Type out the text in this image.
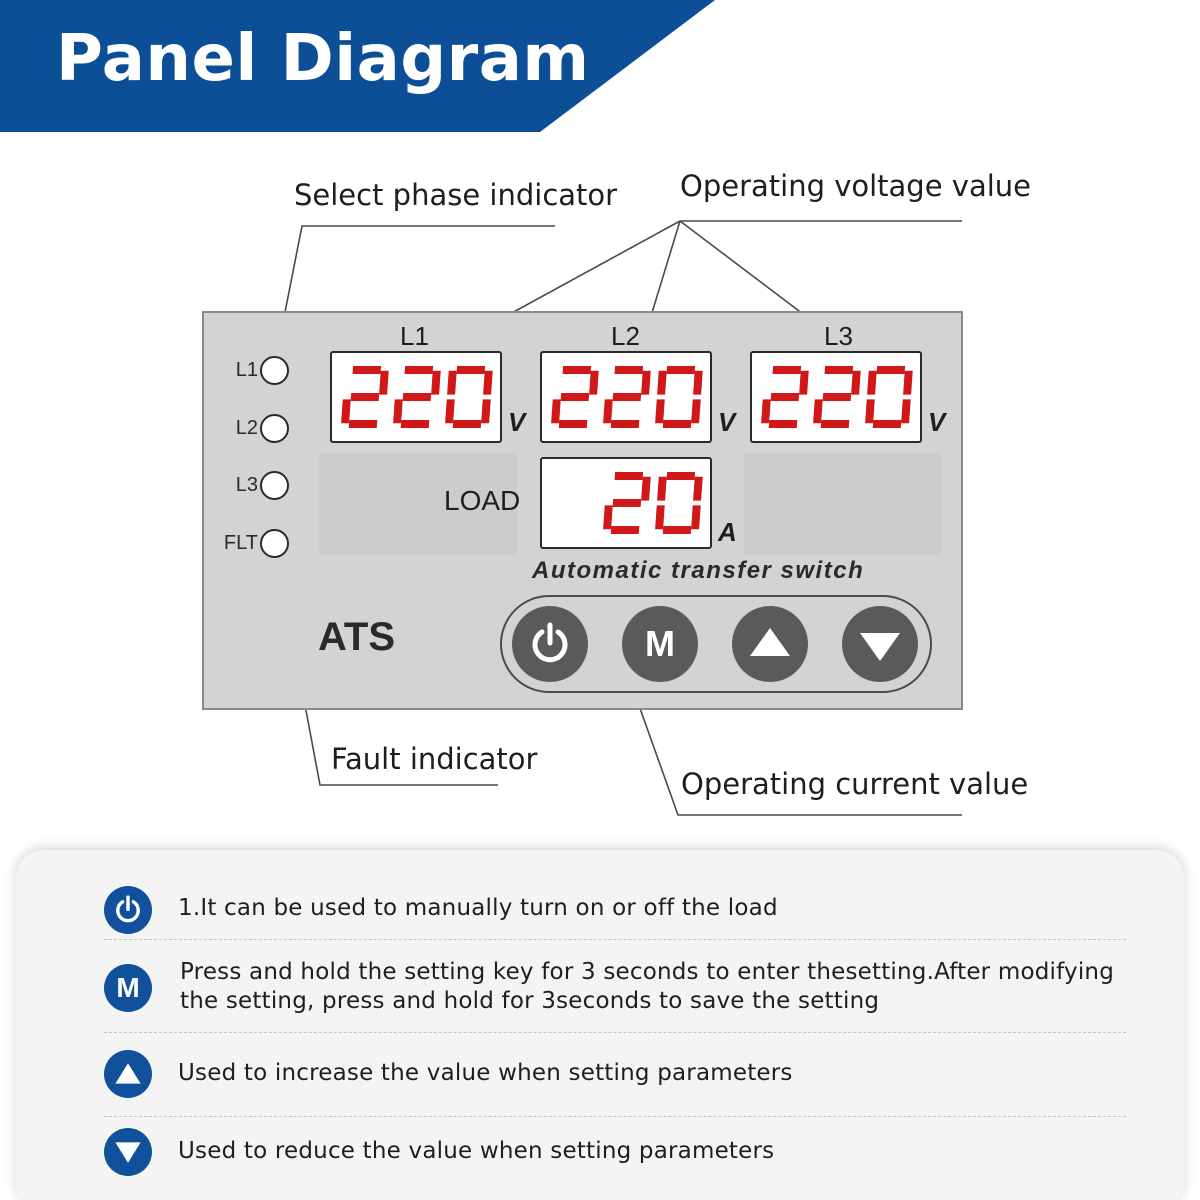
Panel Diagram
Select phase indicator Operating voltage value
L1
L2
L3
FLT
L1	L2	L3
V	V	V
LOAD
A
Automatic transfer switch
ATS	M
Fault indicator
Operating current value
1.It can be used to manually turn on or off the load
M Press and hold the setting key for 3 seconds to enter thesetting.After modifying the setting, press and hold for 3seconds to save the setting
Used to increase the value when setting parameters
Used to reduce the value when setting parameters
